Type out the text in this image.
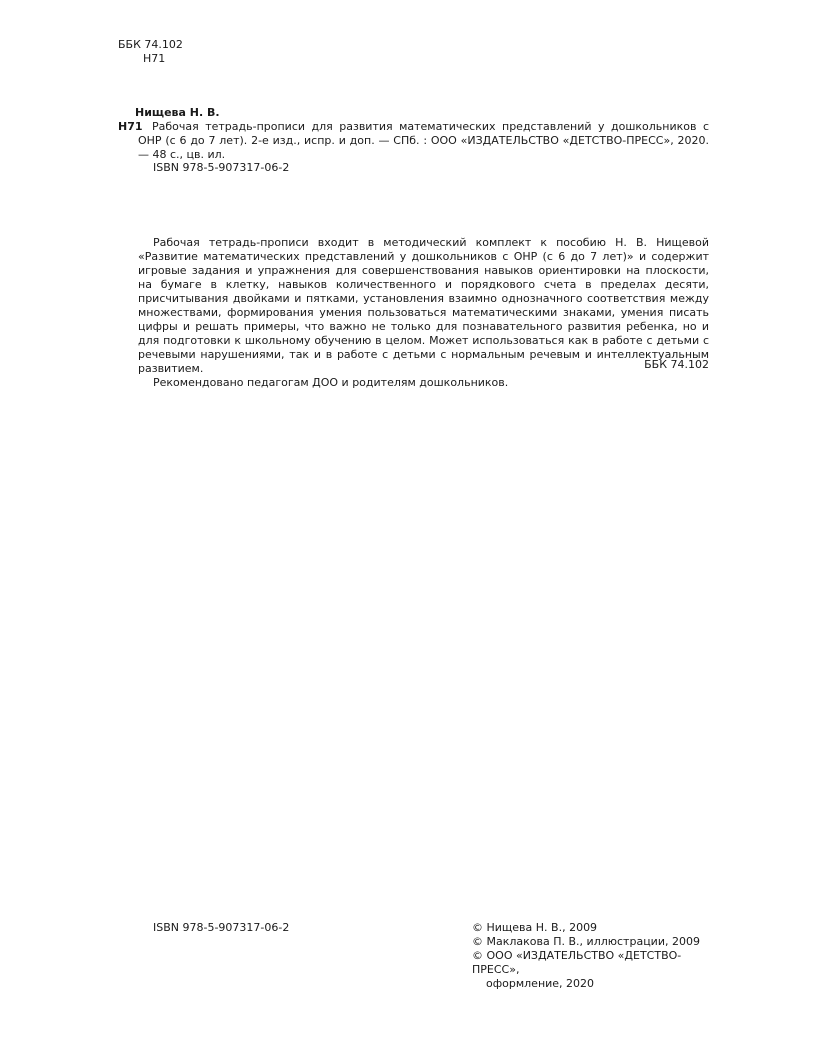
ББК 74.102
Н71
Нищева Н. В.
Н71 Рабочая тетрадь-прописи для развития математических представлений у дошкольников с ОНР (с 6 до 7 лет). 2-е изд., испр. и доп. — СПб. : ООО «ИЗДАТЕЛЬСТВО «ДЕТСТВО-ПРЕСС», 2020. — 48 с., цв. ил.
ISBN 978-5-907317-06-2

Рабочая тетрадь-прописи входит в методический комплект к пособию Н. В. Нищевой «Развитие математических представлений у дошкольников с ОНР (с 6 до 7 лет)» и содержит игровые задания и упражнения для совершенствования навыков ориентировки на плоскости, на бумаге в клетку, навыков количественного и порядкового счета в пределах десяти, присчитывания двойками и пятками, установления взаимно однозначного соответствия между множествами, формирования умения пользоваться математическими знаками, умения писать цифры и решать примеры, что важно не только для познавательного развития ребенка, но и для подготовки к школьному обучению в целом. Может использоваться как в работе с детьми с речевыми нарушениями, так и в работе с детьми с нормальным речевым и интеллектуальным развитием.

Рекомендовано педагогам ДОО и родителям дошкольников.

ББК 74.102
ISBN 978-5-907317-06-2	© Нищева Н. В., 2009
© Маклакова П. В., иллюстрации, 2009
© ООО «ИЗДАТЕЛЬСТВО «ДЕТСТВО-ПРЕСС»,
оформление, 2020
